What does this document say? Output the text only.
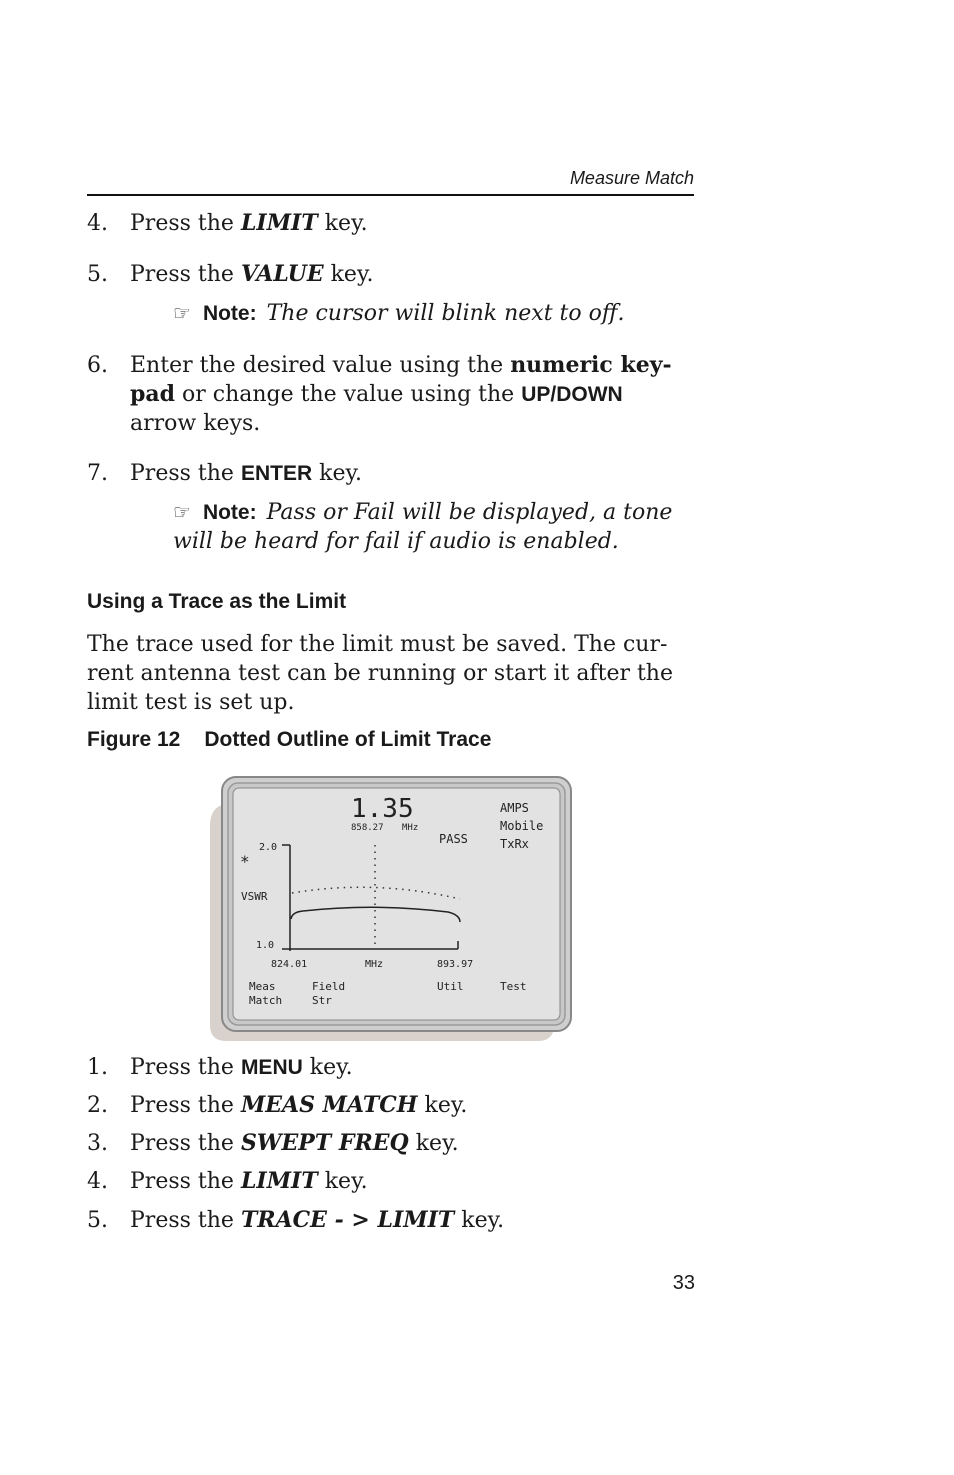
Measure Match
4. Press the LIMIT key.
5. Press the VALUE key.
☞ Note: The cursor will blink next to off.
6. Enter the desired value using the numeric key-
pad or change the value using the UP/DOWN
arrow keys.
7. Press the ENTER key.
☞ Note: Pass or Fail will be displayed, a tone
will be heard for fail if audio is enabled.
Using a Trace as the Limit
The trace used for the limit must be saved. The cur-
rent antenna test can be running or start it after the
limit test is set up.
Figure 12 Dotted Outline of Limit Trace
1.35
858.27 MHz
PASS
AMPS
Mobile
TxRx
2.0
*
VSWR
1.0
824.01	MHz	893.97
Meas
Match
Field
Str
Util	Test
1. Press the MENU key.
2. Press the MEAS MATCH key.
3. Press the SWEPT FREQ key.
4. Press the LIMIT key.
5. Press the TRACE - > LIMIT key.
33
